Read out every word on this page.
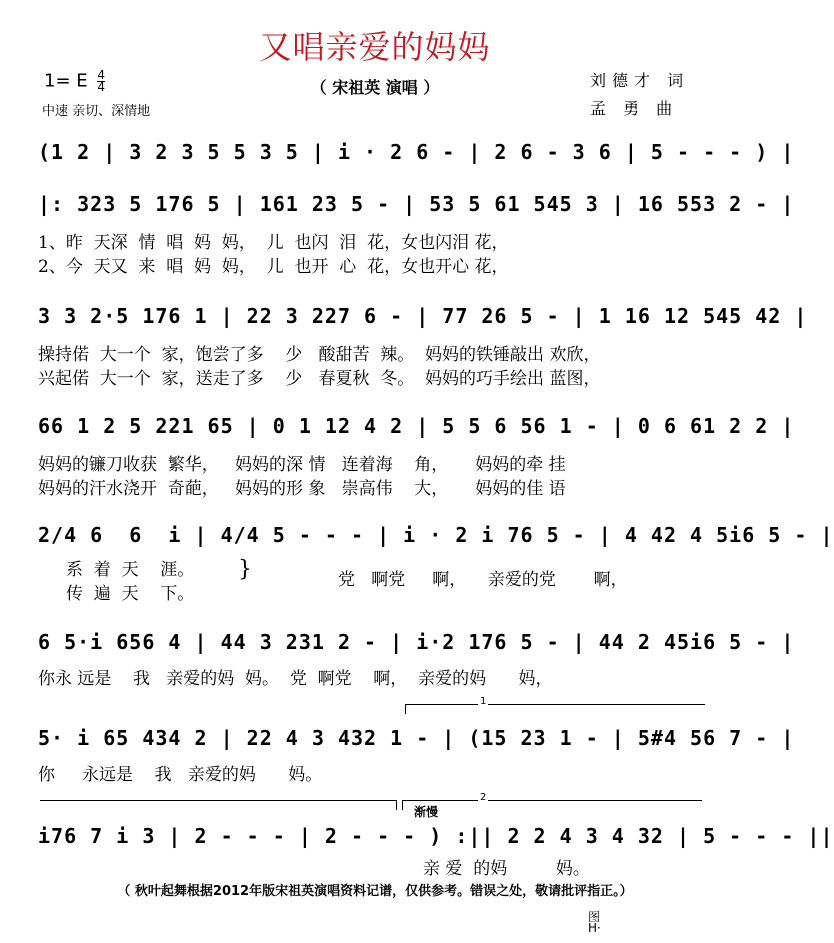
又唱亲爱的妈妈
1= E $\frac{4}{4}$	（ 宋祖英 演唱 ）	刘德才 词
孟 勇 曲
中速 亲切、深情地
(1 2 | 3 2 3 5 5 3 5 | i · 2 6 - | 2 6 - 3 6 | 5 - - - ) |
|: 323 5 176 5 | 161 23 5 - | 53 5 61 545 3 | 16 553 2 - |
1、昨  天深  情  唱  妈  妈，  儿  也闪  泪  花，女也闪泪 花，
2、今  天又  来  唱  妈  妈，  儿  也开  心  花，女也开心 花，
3 3 2·5 176 1 | 22 3 227 6 - | 77 26 5 - | 1 16 12 545 42 |
操持偌  大一个  家，饱尝了多    少   酸甜苦  辣。  妈妈的铁锤敲出 欢欣，
兴起偌  大一个  家，送走了多    少   春夏秋  冬。  妈妈的巧手绘出 蓝图，
66 1 2 5 221 65 | 0 1 12 4 2 | 5 5 6 56 1 - | 0 6 61 2 2 |
妈妈的镰刀收获  繁华，   妈妈的深 情   连着海    角，     妈妈的牵 挂
妈妈的汗水浇开  奇葩，   妈妈的形 象   崇高伟    大，     妈妈的佳 语
2/4 6  6  i | 4/4 5 - - - | i · 2 i 76 5 - | 4 42 4 5i6 5 - |
系  着  天    涯。
传  遍  天    下。
}	党   啊党     啊，    亲爱的党       啊，
6 5·i 656 4 | 44 3 231 2 - | i·2 176 5 - | 44 2 45i6 5 - |
你永 远是    我   亲爱的妈  妈。  党  啊党    啊，  亲爱的妈      妈，
1
5· i 65 434 2 | 22 4 3 432 1 - | (15 23 1 - | 5#4 56 7 - |
你     永远是    我   亲爱的妈      妈。
2
渐慢
i76 7 i 3 | 2 - - - | 2 - - - ) :|| 2 2 4 3 4 32 | 5 - - - ||
亲 爱  的妈         妈。
（ 秋叶起舞根据2012年版宋祖英演唱资料记谱，仅供参考。错误之处，敬请批评指正。）
图
H·
